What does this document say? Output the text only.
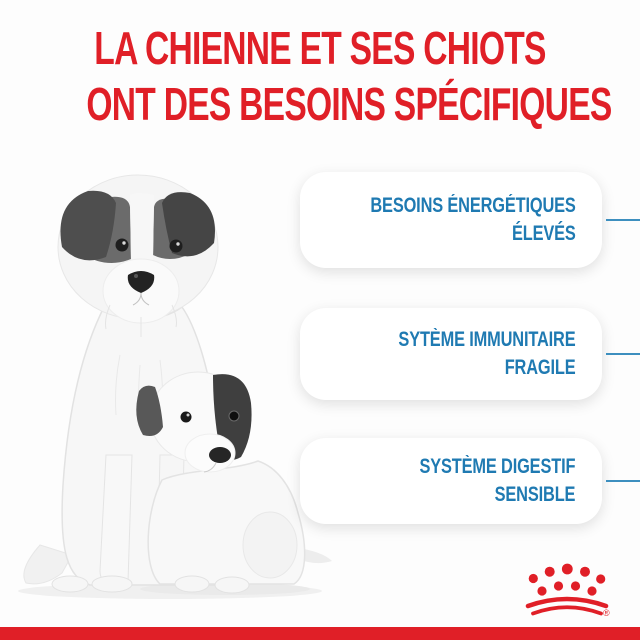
LA CHIENNE ET SES CHIOTS
ONT DES BESOINS SPÉCIFIQUES
BESOINS ÉNERGÉTIQUES
ÉLEVÉS
SYTÈME IMMUNITAIRE
FRAGILE
SYSTÈME DIGESTIF
SENSIBLE
®
